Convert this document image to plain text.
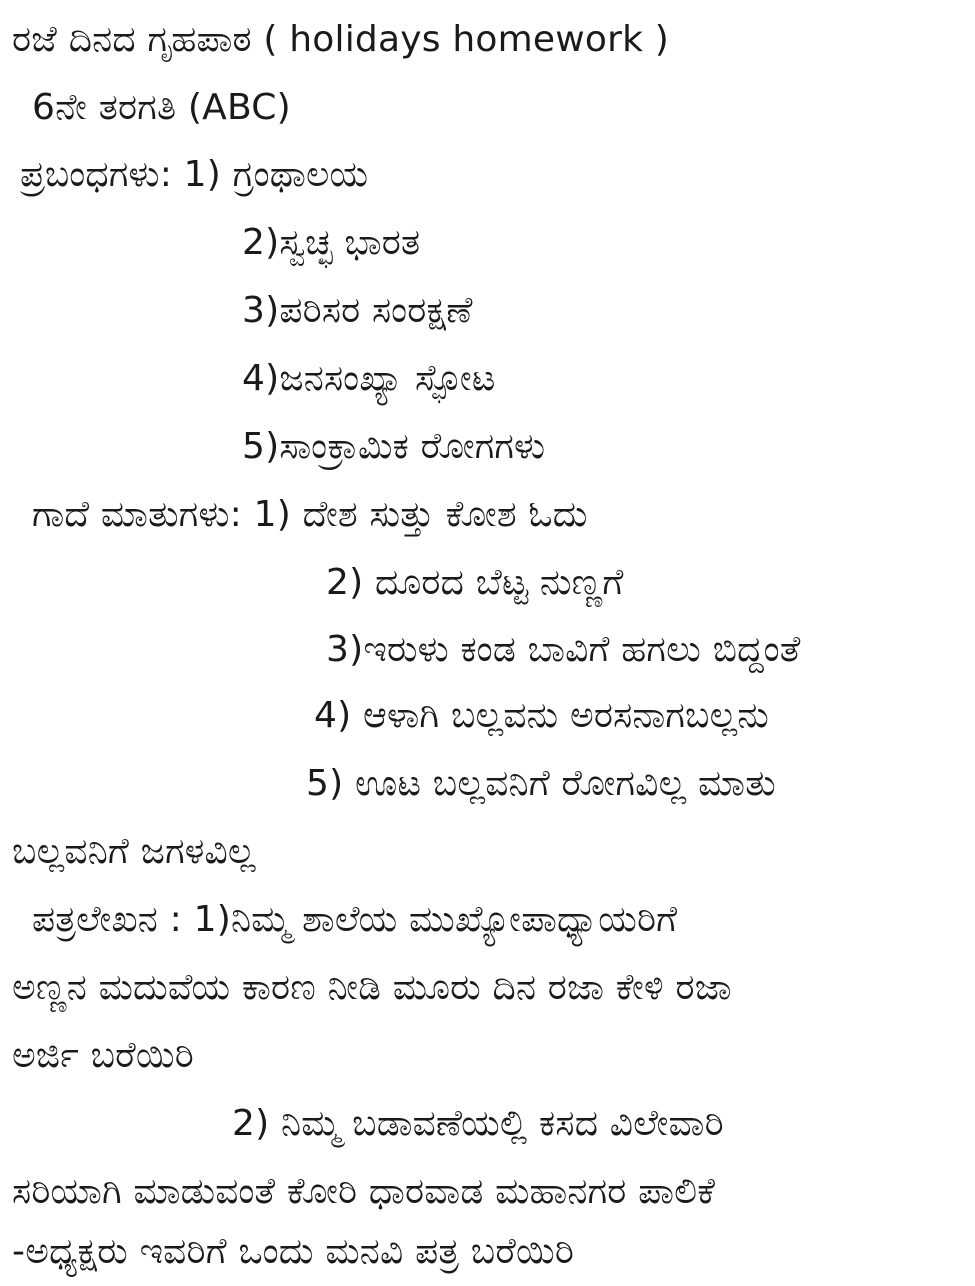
ರಜೆ ದಿನದ ಗೃಹಪಾಠ ( holidays homework )
6ನೇ ತರಗತಿ (ABC)
ಪ್ರಬಂಧಗಳು: 1) ಗ್ರಂಥಾಲಯ
2)ಸ್ವಚ್ಛ ಭಾರತ
3)ಪರಿಸರ ಸಂರಕ್ಷಣೆ
4)ಜನಸಂಖ್ಯಾ ಸ್ಫೋಟ
5)ಸಾಂಕ್ರಾಮಿಕ ರೋಗಗಳು
ಗಾದೆ ಮಾತುಗಳು: 1) ದೇಶ ಸುತ್ತು ಕೋಶ ಓದು
2) ದೂರದ ಬೆಟ್ಟ ನುಣ್ಣಗೆ
3)ಇರುಳು ಕಂಡ ಬಾವಿಗೆ ಹಗಲು ಬಿದ್ದಂತೆ
4) ಆಳಾಗಿ ಬಲ್ಲವನು ಅರಸನಾಗಬಲ್ಲನು
5) ಊಟ ಬಲ್ಲವನಿಗೆ ರೋಗವಿಲ್ಲ ಮಾತು
ಬಲ್ಲವನಿಗೆ ಜಗಳವಿಲ್ಲ
ಪತ್ರಲೇಖನ : 1)ನಿಮ್ಮ ಶಾಲೆಯ ಮುಖ್ಯೋಪಾಧ್ಯಾಯರಿಗೆ
ಅಣ್ಣನ ಮದುವೆಯ ಕಾರಣ ನೀಡಿ ಮೂರು ದಿನ ರಜಾ ಕೇಳಿ ರಜಾ
ಅರ್ಜಿ ಬರೆಯಿರಿ
2) ನಿಮ್ಮ ಬಡಾವಣೆಯಲ್ಲಿ ಕಸದ ವಿಲೇವಾರಿ
ಸರಿಯಾಗಿ ಮಾಡುವಂತೆ ಕೋರಿ ಧಾರವಾಡ ಮಹಾನಗರ ಪಾಲಿಕೆ
-ಅಧ್ಯಕ್ಷರು ಇವರಿಗೆ ಒಂದು ಮನವಿ ಪತ್ರ ಬರೆಯಿರಿ
